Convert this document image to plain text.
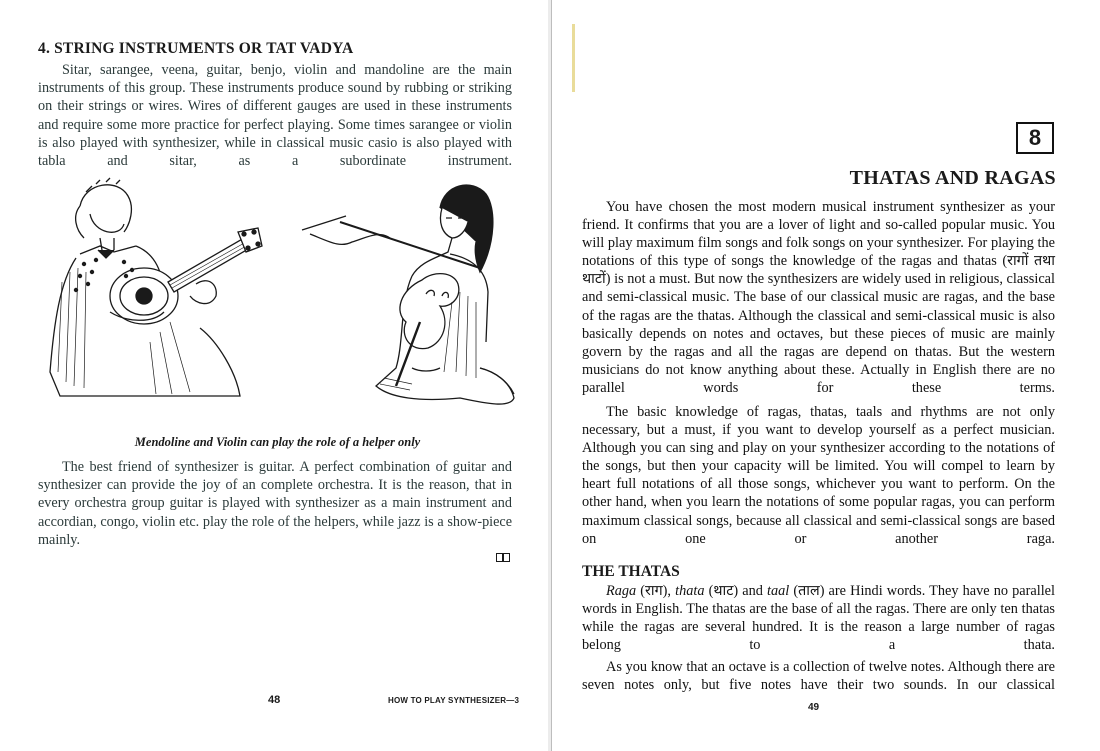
4. STRING INSTRUMENTS OR TAT VADYA

Sitar, sarangee, veena, guitar, benjo, violin and mandoline are the main instruments of this group. These instruments produce sound by rubbing or striking on their strings or wires. Wires of different gauges are used in these instruments and require some more practice for perfect playing. Some times sarangee or violin is also played with synthesizer, while in classical music casio is also played with tabla and sitar, as a subordinate instrument.

Mendoline and Violin can play the role of a helper only

The best friend of synthesizer is guitar. A perfect combination of guitar and synthesizer can provide the joy of an complete orchestra. It is the reason, that in every orchestra group guitar is played with synthesizer as a main instrument and accordian, congo, violin etc. play the role of the helpers, while jazz is a show-piece mainly.

48	HOW TO PLAY SYNTHESIZER—3
8
THATAS AND RAGAS

You have chosen the most modern musical instrument synthesizer as your friend. It confirms that you are a lover of light and so-called popular music. You will play maximum film songs and folk songs on your synthesizer. For playing the notations of this type of songs the knowledge of the ragas and thatas (रागों तथा थाटों) is not a must. But now the synthesizers are widely used in religious, classical and semi-classical music. The base of our classical music are ragas, and the base of the ragas are the thatas. Although the classical and semi-classical music is also basically depends on notes and octaves, but these pieces of music are mainly govern by the ragas and all the ragas are depend on thatas. But the western musicians do not know anything about these. Actually in English there are no parallel words for these terms.

The basic knowledge of ragas, thatas, taals and rhythms are not only necessary, but a must, if you want to develop yourself as a perfect musician. Although you can sing and play on your synthesizer according to the notations of the songs, but then your capacity will be limited. You will compel to learn by heart full notations of all those songs, whichever you want to perform. On the other hand, when you learn the notations of some popular ragas, you can perform maximum classical songs, because all classical and semi-classical songs are based on one or another raga.

THE THATAS

Raga (राग), thata (थाट) and taal (ताल) are Hindi words. They have no parallel words in English. The thatas are the base of all the ragas. There are only ten thatas while the ragas are several hundred. It is the reason a large number of ragas belong to a thata.

As you know that an octave is a collection of twelve notes. Although there are seven notes only, but five notes have their two sounds. In our classical

49
